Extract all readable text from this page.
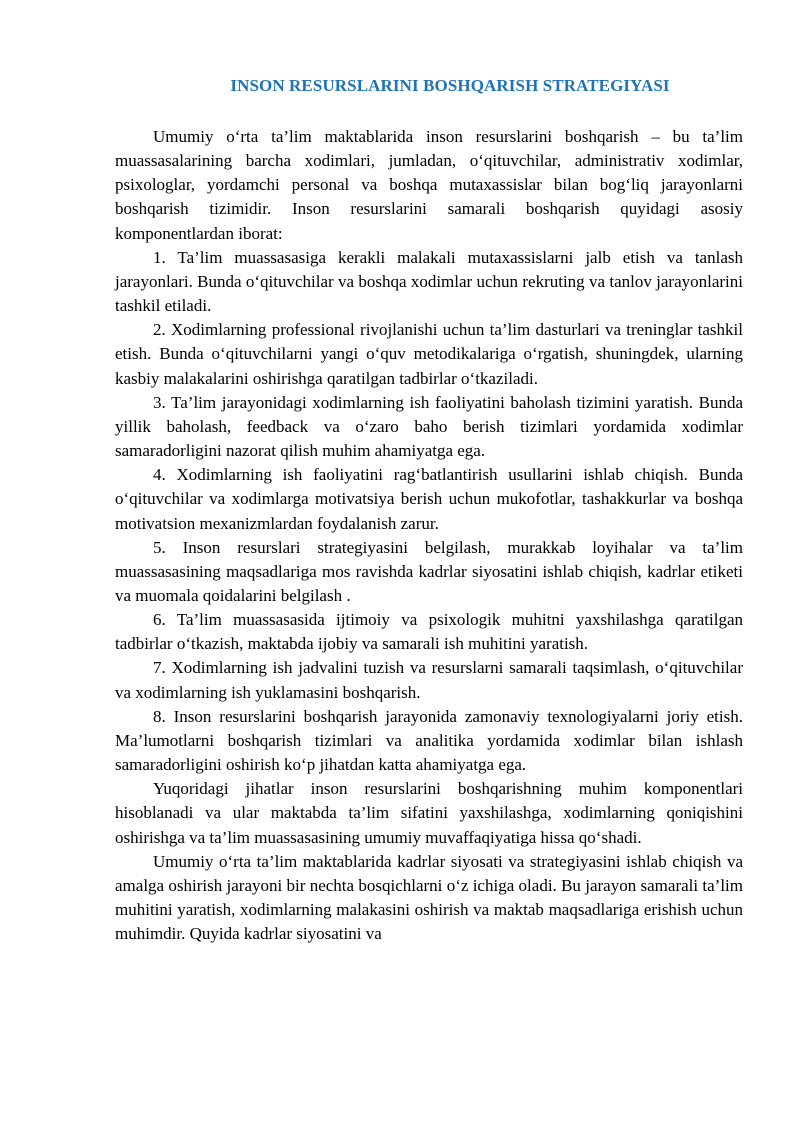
INSON RESURSLARINI BOSHQARISH STRATEGIYASI

Umumiy o‘rta ta’lim maktablarida inson resurslarini boshqarish – bu ta’lim muassasalarining barcha xodimlari, jumladan, o‘qituvchilar, administrativ xodimlar, psixologlar, yordamchi personal va boshqa mutaxassislar bilan bog‘liq jarayonlarni boshqarish tizimidir. Inson resurslarini samarali boshqarish quyidagi asosiy komponentlardan iborat:

1. Ta’lim muassasasiga kerakli malakali mutaxassislarni jalb etish va tanlash jarayonlari. Bunda o‘qituvchilar va boshqa xodimlar uchun rekruting va tanlov jarayonlarini tashkil etiladi.

2. Xodimlarning professional rivojlanishi uchun ta’lim dasturlari va treninglar tashkil etish. Bunda o‘qituvchilarni yangi o‘quv metodikalariga o‘rgatish, shuningdek, ularning kasbiy malakalarini oshirishga qaratilgan tadbirlar o‘tkaziladi.

3. Ta’lim jarayonidagi xodimlarning ish faoliyatini baholash tizimini yaratish. Bunda yillik baholash, feedback va o‘zaro baho berish tizimlari yordamida xodimlar samaradorligini nazorat qilish muhim ahamiyatga ega.

4. Xodimlarning ish faoliyatini rag‘batlantirish usullarini ishlab chiqish. Bunda o‘qituvchilar va xodimlarga motivatsiya berish uchun mukofotlar, tashakkurlar va boshqa motivatsion mexanizmlardan foydalanish zarur.

5. Inson resurslari strategiyasini belgilash, murakkab loyihalar va ta’lim muassasasining maqsadlariga mos ravishda kadrlar siyosatini ishlab chiqish, kadrlar etiketi va muomala qoidalarini belgilash .

6. Ta’lim muassasasida ijtimoiy va psixologik muhitni yaxshilashga qaratilgan tadbirlar o‘tkazish, maktabda ijobiy va samarali ish muhitini yaratish.

7. Xodimlarning ish jadvalini tuzish va resurslarni samarali taqsimlash, o‘qituvchilar va xodimlarning ish yuklamasini boshqarish.

8. Inson resurslarini boshqarish jarayonida zamonaviy texnologiyalarni joriy etish. Ma’lumotlarni boshqarish tizimlari va analitika yordamida xodimlar bilan ishlash samaradorligini oshirish ko‘p jihatdan katta ahamiyatga ega.

Yuqoridagi jihatlar inson resurslarini boshqarishning muhim komponentlari hisoblanadi va ular maktabda ta’lim sifatini yaxshilashga, xodimlarning qoniqishini oshirishga va ta’lim muassasasining umumiy muvaffaqiyatiga hissa qo‘shadi.

Umumiy o‘rta ta’lim maktablarida kadrlar siyosati va strategiyasini ishlab chiqish va amalga oshirish jarayoni bir nechta bosqichlarni o‘z ichiga oladi. Bu jarayon samarali ta’lim muhitini yaratish, xodimlarning malakasini oshirish va maktab maqsadlariga erishish uchun muhimdir. Quyida kadrlar siyosatini va
